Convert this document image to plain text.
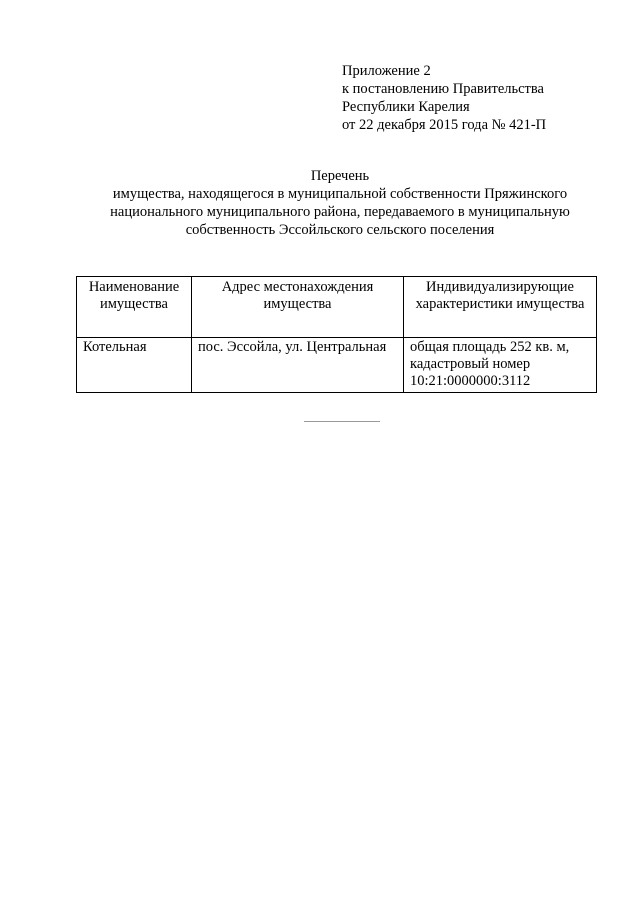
Приложение 2
к постановлению Правительства
Республики Карелия
от 22 декабря 2015 года № 421-П
Перечень
имущества, находящегося в муниципальной собственности Пряжинского
национального муниципального района, передаваемого в муниципальную
собственность Эссойльского сельского поселения
Наименование имущества	Адрес местонахождения имущества	Индивидуализирующие характеристики имущества
Котельная	пос. Эссойла, ул. Центральная	общая площадь 252 кв. м, кадастровый номер 10:21:0000000:3112
